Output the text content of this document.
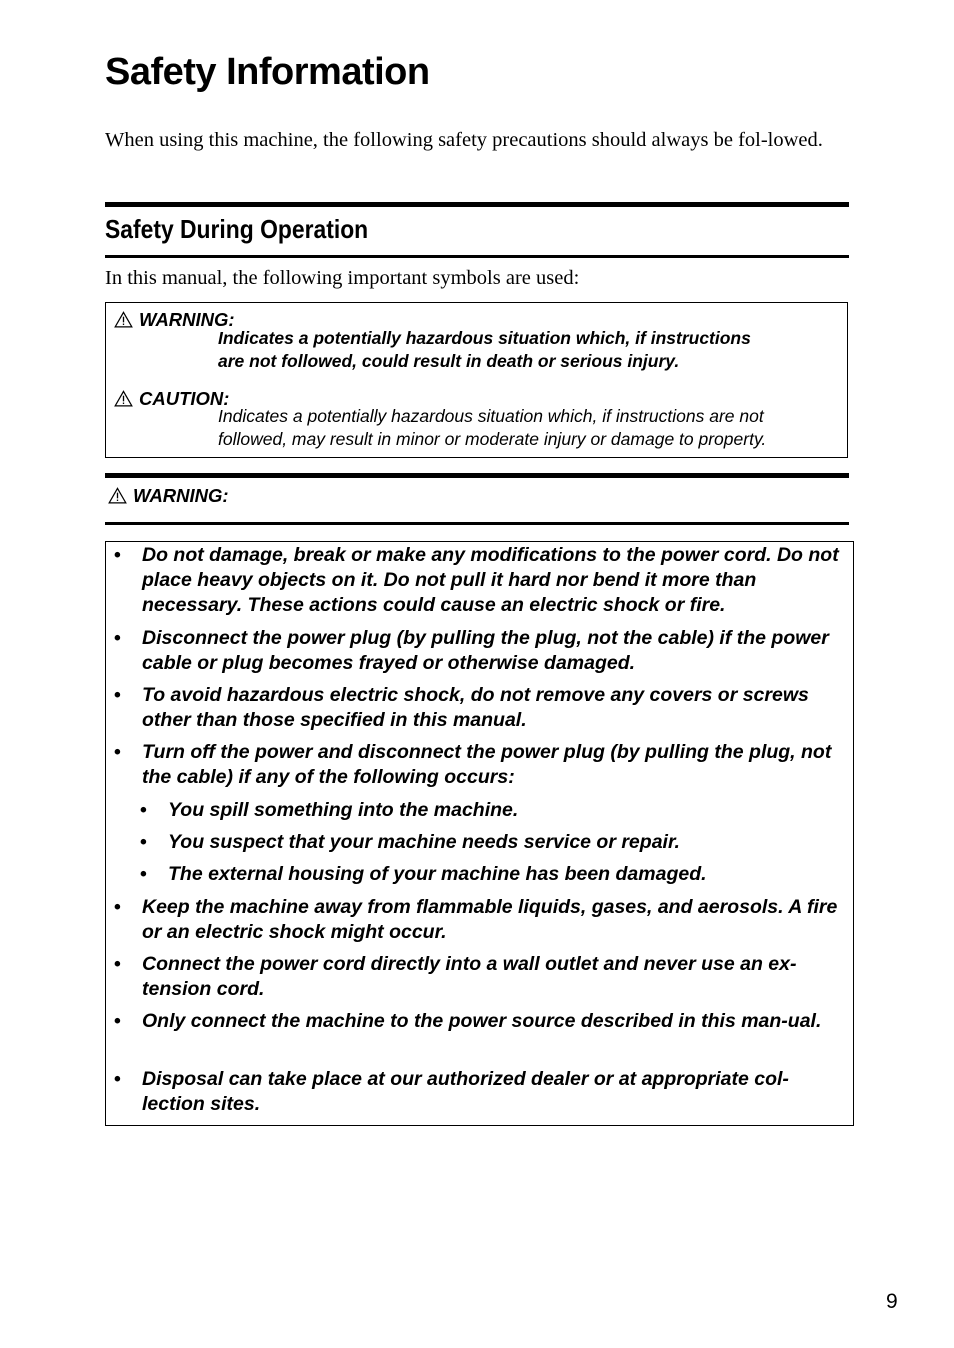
Safety Information

When using this machine, the following safety precautions should always be fol-lowed.

Safety During Operation

In this manual, the following important symbols are used:

WARNING:

Indicates a potentially hazardous situation which, if instructions
are not followed, could result in death or serious injury.

CAUTION:

Indicates a potentially hazardous situation which, if instructions are not
followed, may result in minor or moderate injury or damage to property.

WARNING:
•	Do not damage, break or make any modifications to the power cord. Do not place heavy objects on it. Do not pull it hard nor bend it more than necessary. These actions could cause an electric shock or fire.
•	Disconnect the power plug (by pulling the plug, not the cable) if the power cable or plug becomes frayed or otherwise damaged.
•	To avoid hazardous electric shock, do not remove any covers or screws other than those specified in this manual.
•	Turn off the power and disconnect the power plug (by pulling the plug, not the cable) if any of the following occurs:
•	You spill something into the machine.
•	You suspect that your machine needs service or repair.
•	The external housing of your machine has been damaged.
•	Keep the machine away from flammable liquids, gases, and aerosols. A fire or an electric shock might occur.
•	Connect the power cord directly into a wall outlet and never use an ex-tension cord.
•	Only connect the machine to the power source described in this man-ual.
•	Disposal can take place at our authorized dealer or at appropriate col-lection sites.

9
